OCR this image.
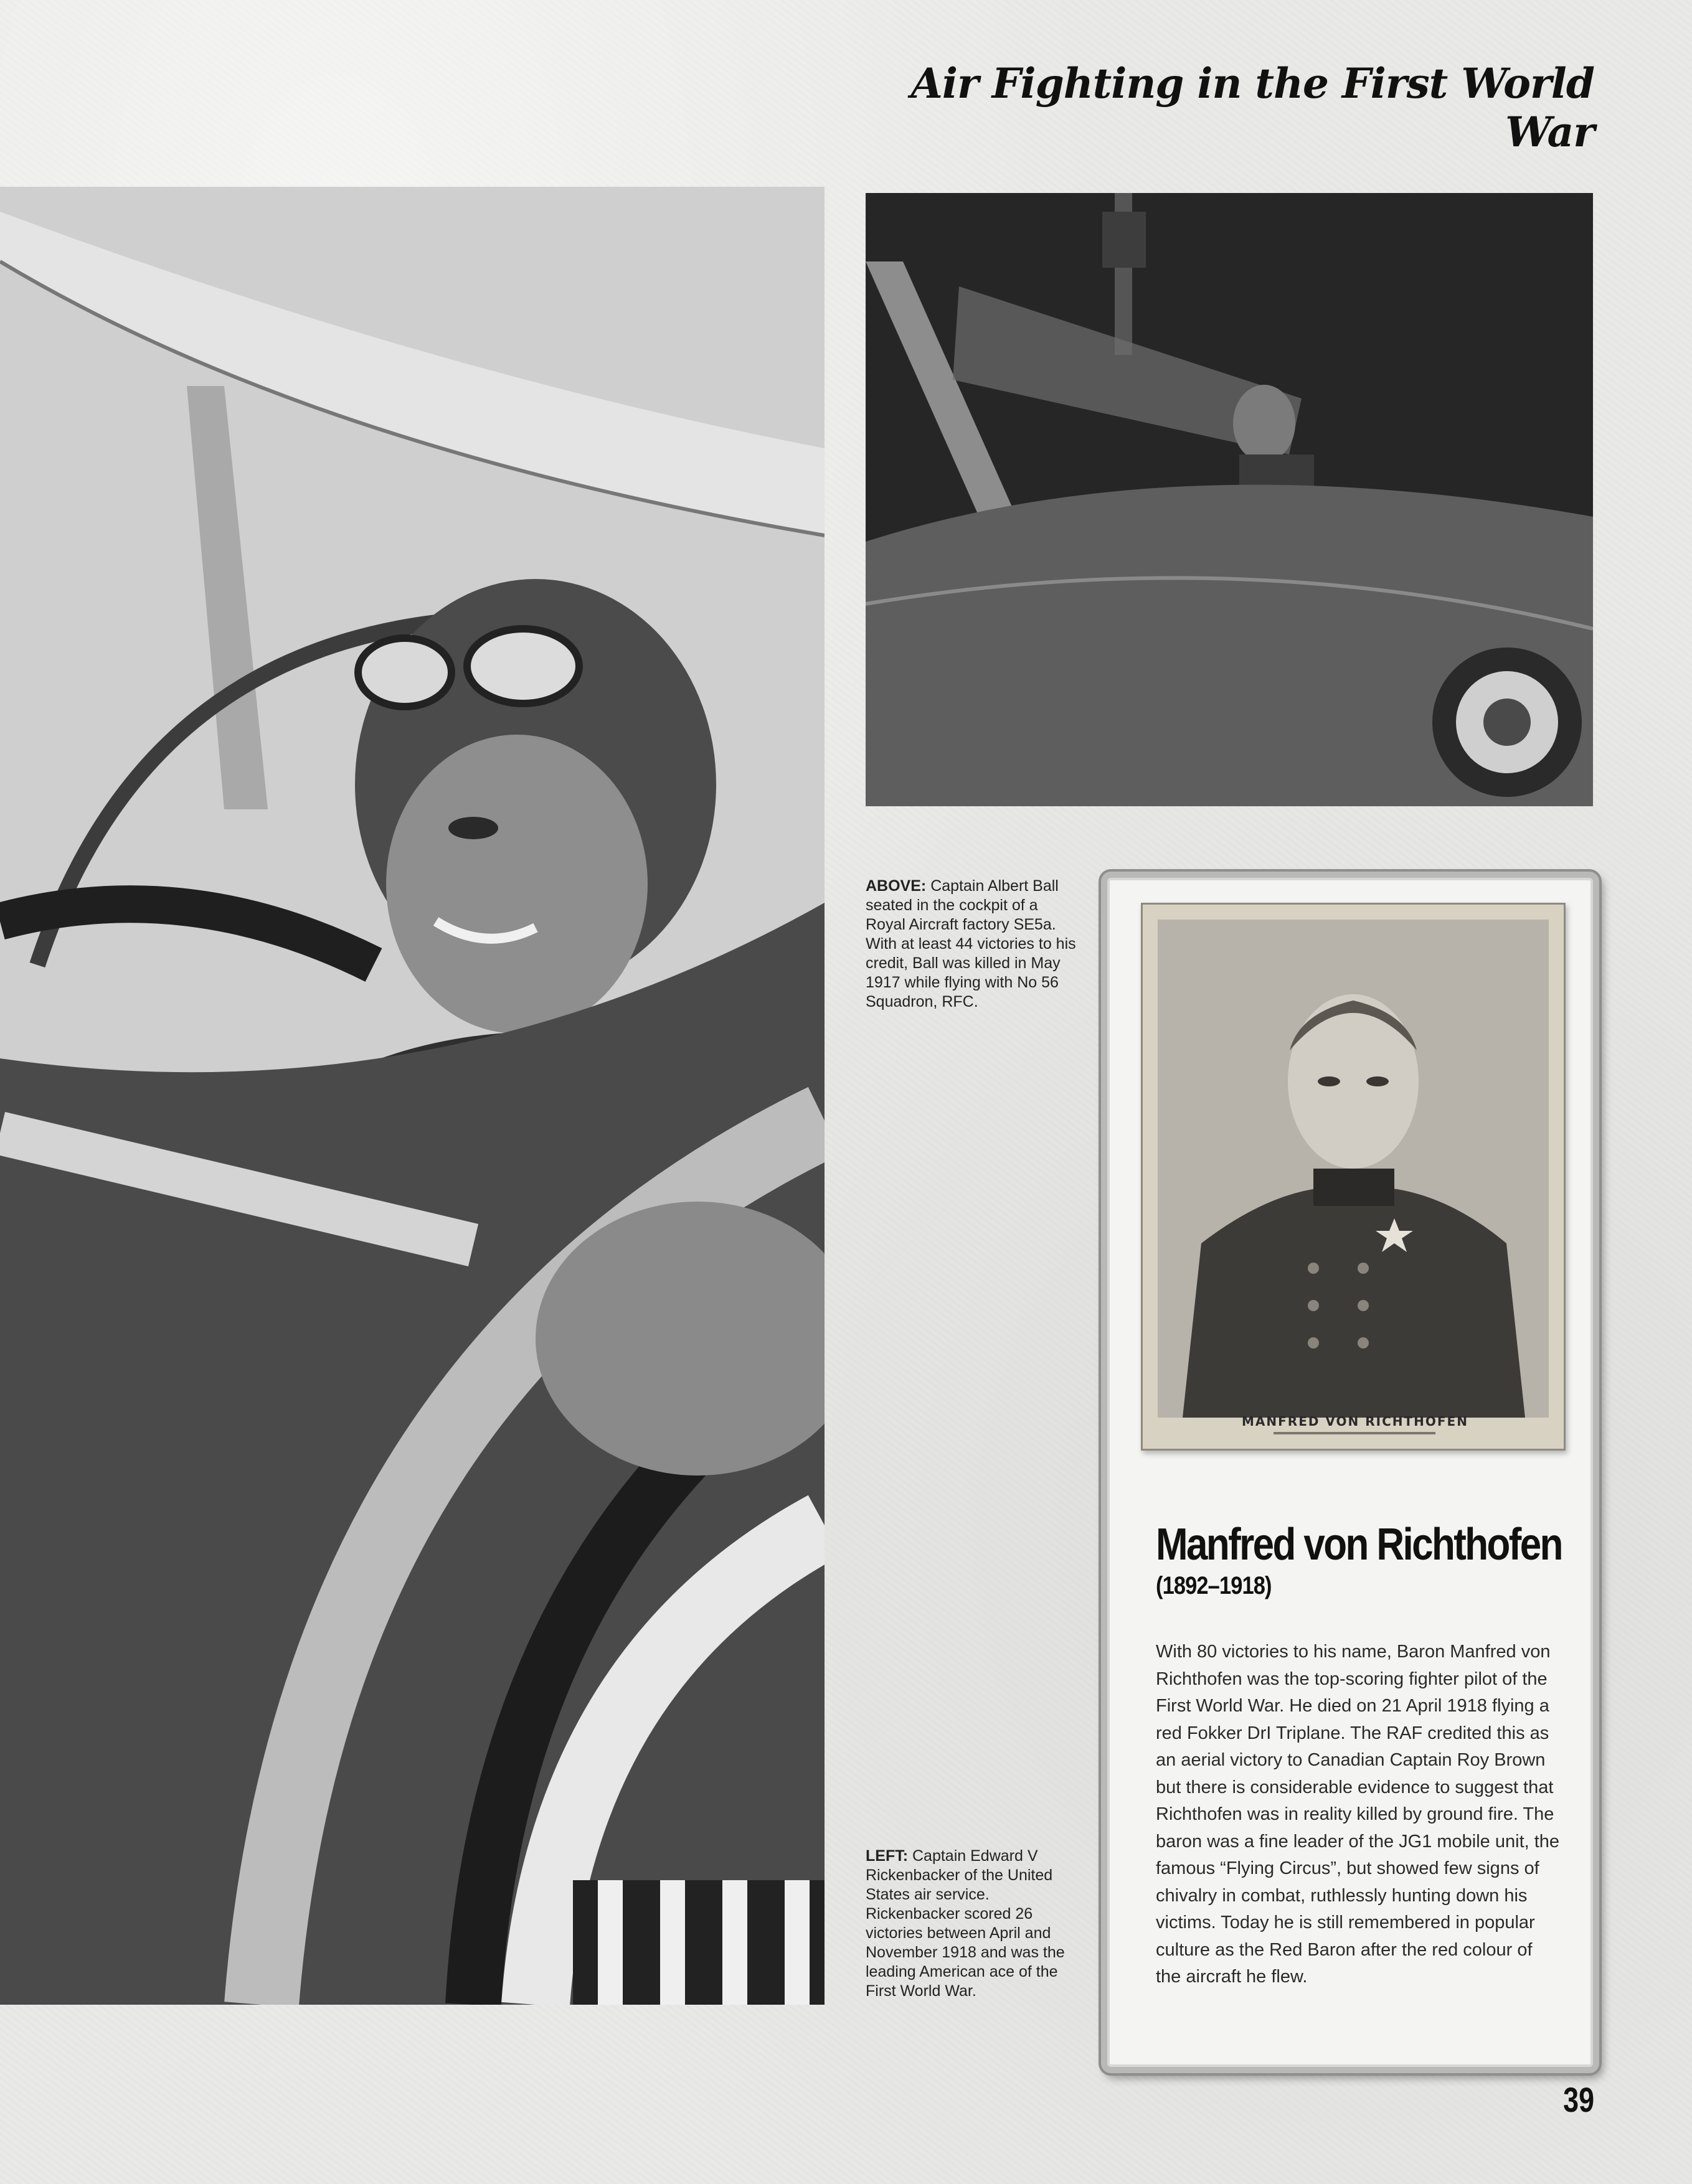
Air Fighting in the First World War
ABOVE: Captain Albert Ball seated in the cockpit of a Royal Aircraft factory SE5a. With at least 44 victories to his credit, Ball was killed in May 1917 while flying with No 56 Squadron, RFC.
LEFT: Captain Edward V Rickenbacker of the United States air service. Rickenbacker scored 26 victories between April and November 1918 and was the leading American ace of the First World War.
MANFRED VON RICHTHOFEN
Manfred von Richthofen
(1892–1918)
With 80 victories to his name, Baron Manfred von Richthofen was the top-scoring fighter pilot of the First World War. He died on 21 April 1918 flying a red Fokker DrI Triplane. The RAF credited this as an aerial victory to Canadian Captain Roy Brown but there is considerable evidence to suggest that Richthofen was in reality killed by ground fire. The baron was a fine leader of the JG1 mobile unit, the famous “Flying Circus”, but showed few signs of chivalry in combat, ruthlessly hunting down his victims. Today he is still remembered in popular culture as the Red Baron after the red colour of the aircraft he flew.
39
